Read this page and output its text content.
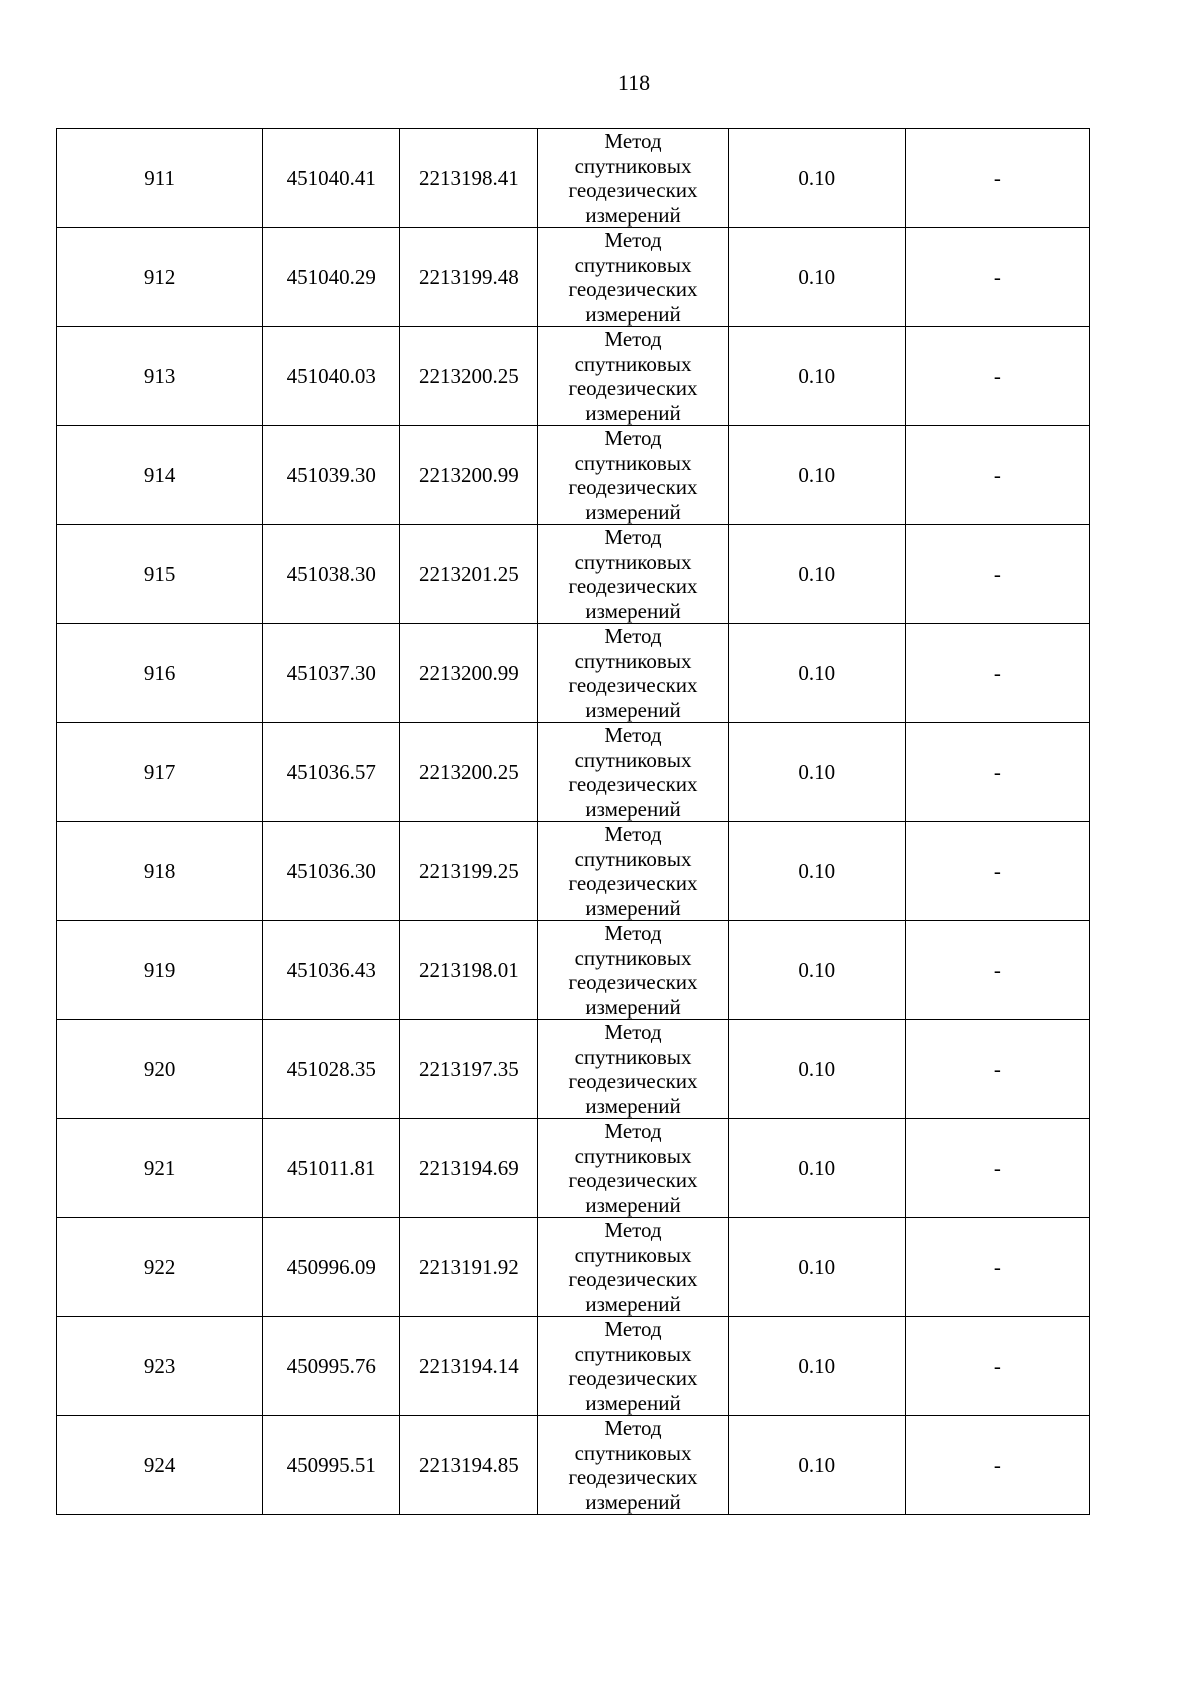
118
911	451040.41	2213198.41	Метод
спутниковых
геодезических
измерений	0.10	-
912	451040.29	2213199.48	Метод
спутниковых
геодезических
измерений	0.10	-
913	451040.03	2213200.25	Метод
спутниковых
геодезических
измерений	0.10	-
914	451039.30	2213200.99	Метод
спутниковых
геодезических
измерений	0.10	-
915	451038.30	2213201.25	Метод
спутниковых
геодезических
измерений	0.10	-
916	451037.30	2213200.99	Метод
спутниковых
геодезических
измерений	0.10	-
917	451036.57	2213200.25	Метод
спутниковых
геодезических
измерений	0.10	-
918	451036.30	2213199.25	Метод
спутниковых
геодезических
измерений	0.10	-
919	451036.43	2213198.01	Метод
спутниковых
геодезических
измерений	0.10	-
920	451028.35	2213197.35	Метод
спутниковых
геодезических
измерений	0.10	-
921	451011.81	2213194.69	Метод
спутниковых
геодезических
измерений	0.10	-
922	450996.09	2213191.92	Метод
спутниковых
геодезических
измерений	0.10	-
923	450995.76	2213194.14	Метод
спутниковых
геодезических
измерений	0.10	-
924	450995.51	2213194.85	Метод
спутниковых
геодезических
измерений	0.10	-
